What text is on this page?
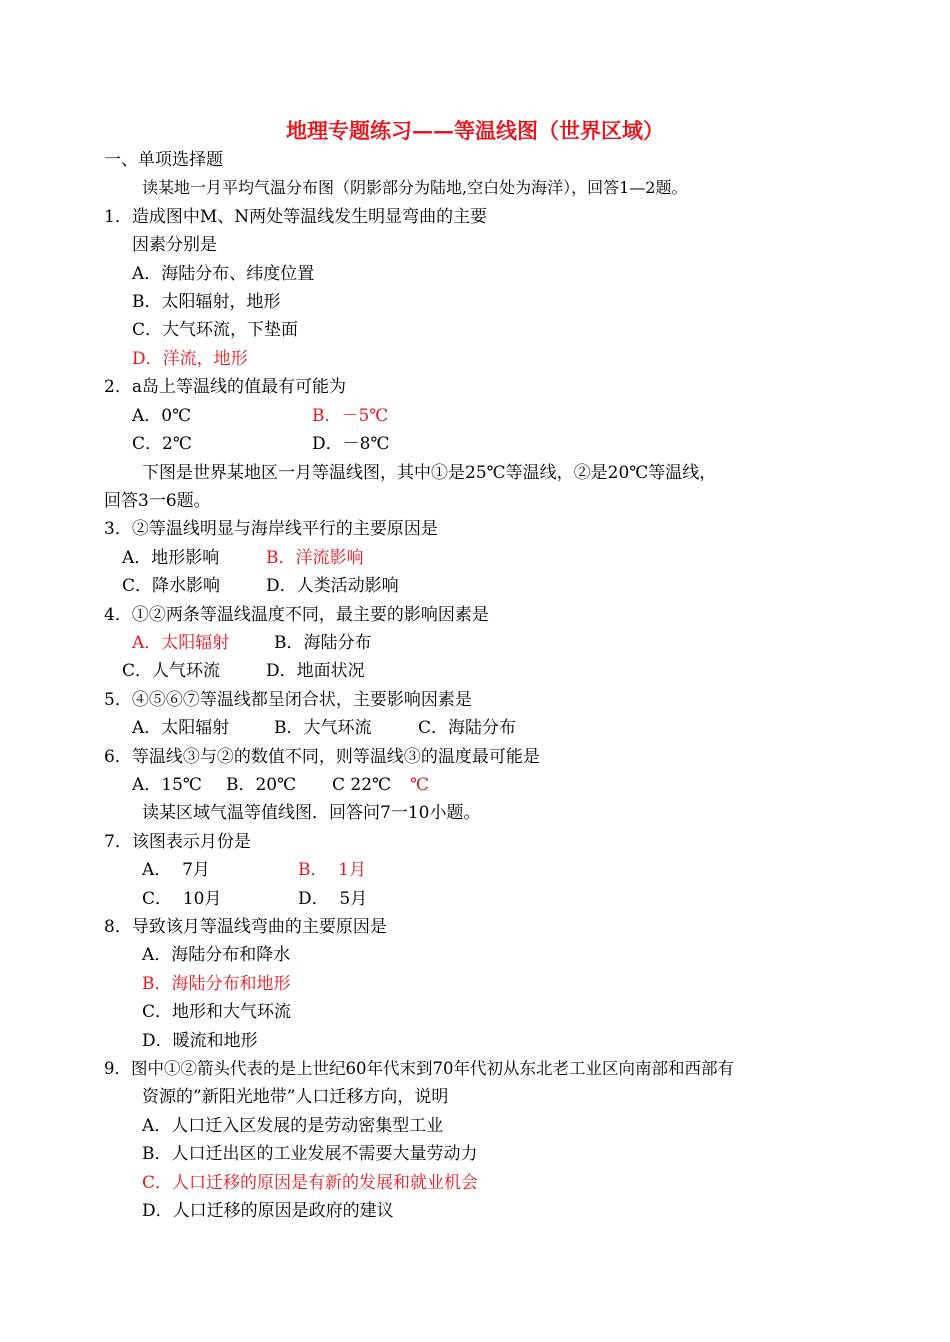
地理专题练习——等温线图（世界区域）
一、单项选择题
读某地一月平均气温分布图（阴影部分为陆地,空白处为海洋），回答1—2题。
1．造成图中M、N两处等温线发生明显弯曲的主要
因素分别是
A．海陆分布、纬度位置
B．太阳辐射，地形
C．大气环流，下垫面
D．洋流，地形
2．a岛上等温线的值最有可能为
A．0℃	B．－5℃
C．2℃	D．－8℃
下图是世界某地区一月等温线图，其中①是25℃等温线，②是20℃等温线，
回答3一6题。
3．②等温线明显与海岸线平行的主要原因是
A．地形影响	B．洋流影响
C．降水影响	D．人类活动影响
4．①②两条等温线温度不同，最主要的影响因素是
A．太阳辐射	B．海陆分布
C．人气环流	D．地面状况
5．④⑤⑥⑦等温线都呈闭合状，主要影响因素是
A．太阳辐射	B．大气环流	C．海陆分布
6．等温线③与②的数值不同，则等温线③的温度最可能是
A．15℃ B．20℃ C 22℃ ℃
读某区域气温等值线图．回答问7一10小题。
7．该图表示月份是
A．  7月	B．  1月
C．  10月	D．  5月
8．导致该月等温线弯曲的主要原因是
A．海陆分布和降水
B．海陆分布和地形
C．地形和大气环流
D．暖流和地形
9．图中①②箭头代表的是上世纪60年代末到70年代初从东北老工业区向南部和西部有
资源的”新阳光地带”人口迁移方向，说明
A．人口迁入区发展的是劳动密集型工业
B．人口迁出区的工业发展不需要大量劳动力
C．人口迁移的原因是有新的发展和就业机会
D．人口迁移的原因是政府的建议
